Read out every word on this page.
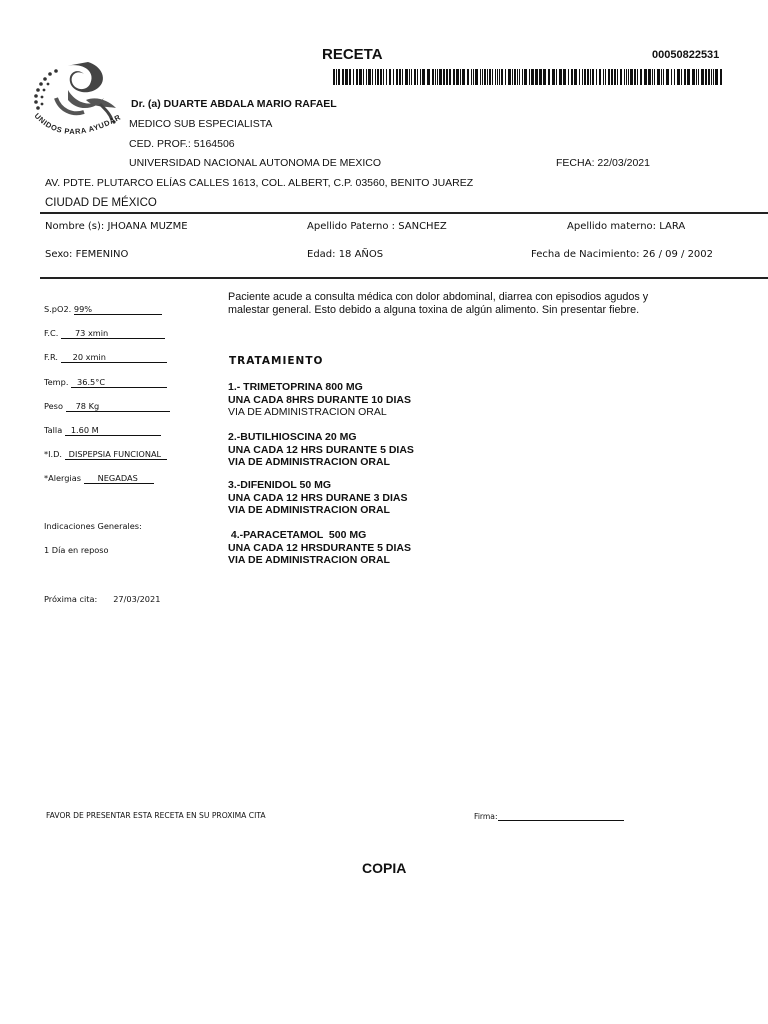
UNIDOS PARA AYUDAR
RECETA	00050822531
Dr. (a) DUARTE ABDALA MARIO RAFAEL
MEDICO SUB ESPECIALISTA
CED. PROF.: 5164506
UNIVERSIDAD NACIONAL AUTONOMA DE MEXICO	FECHA: 22/03/2021
AV. PDTE. PLUTARCO ELÍAS CALLES 1613, COL. ALBERT, C.P. 03560, BENITO JUAREZ
CIUDAD DE MÉXICO
Nombre (s): JHOANA MUZME	Apellido Paterno : SANCHEZ	Apellido materno: LARA
Sexo: FEMENINO	Edad: 18 AÑOS	Fecha de Nacimiento: 26 / 09 / 2002
S.pO2. 99%
F.C. 73 xmin
F.R. 20 xmin
Temp. 36.5°C
Peso 78 Kg
Talla 1.60 M
*I.D. DISPEPSIA FUNCIONAL
*Alergias NEGADAS
Indicaciones Generales:
1 Día en reposo
Próxima cita: 27/03/2021
Paciente acude a consulta médica con dolor abdominal, diarrea con episodios agudos y
malestar general. Esto debido a alguna toxina de algún alimento. Sin presentar fiebre.
TRATAMIENTO
1.- TRIMETOPRINA 800 MG
UNA CADA 8HRS DURANTE 10 DIAS
VIA DE ADMINISTRACION ORAL
2.-BUTILHIOSCINA 20 MG
UNA CADA 12 HRS DURANTE 5 DIAS
VIA DE ADMINISTRACION ORAL
3.-DIFENIDOL 50 MG
UNA CADA 12 HRS DURANE 3 DIAS
VIA DE ADMINISTRACION ORAL
4.-PARACETAMOL  500 MG
UNA CADA 12 HRSDURANTE 5 DIAS
VIA DE ADMINISTRACION ORAL
FAVOR DE PRESENTAR ESTA RECETA EN SU PROXIMA CITA	Firma:
COPIA
